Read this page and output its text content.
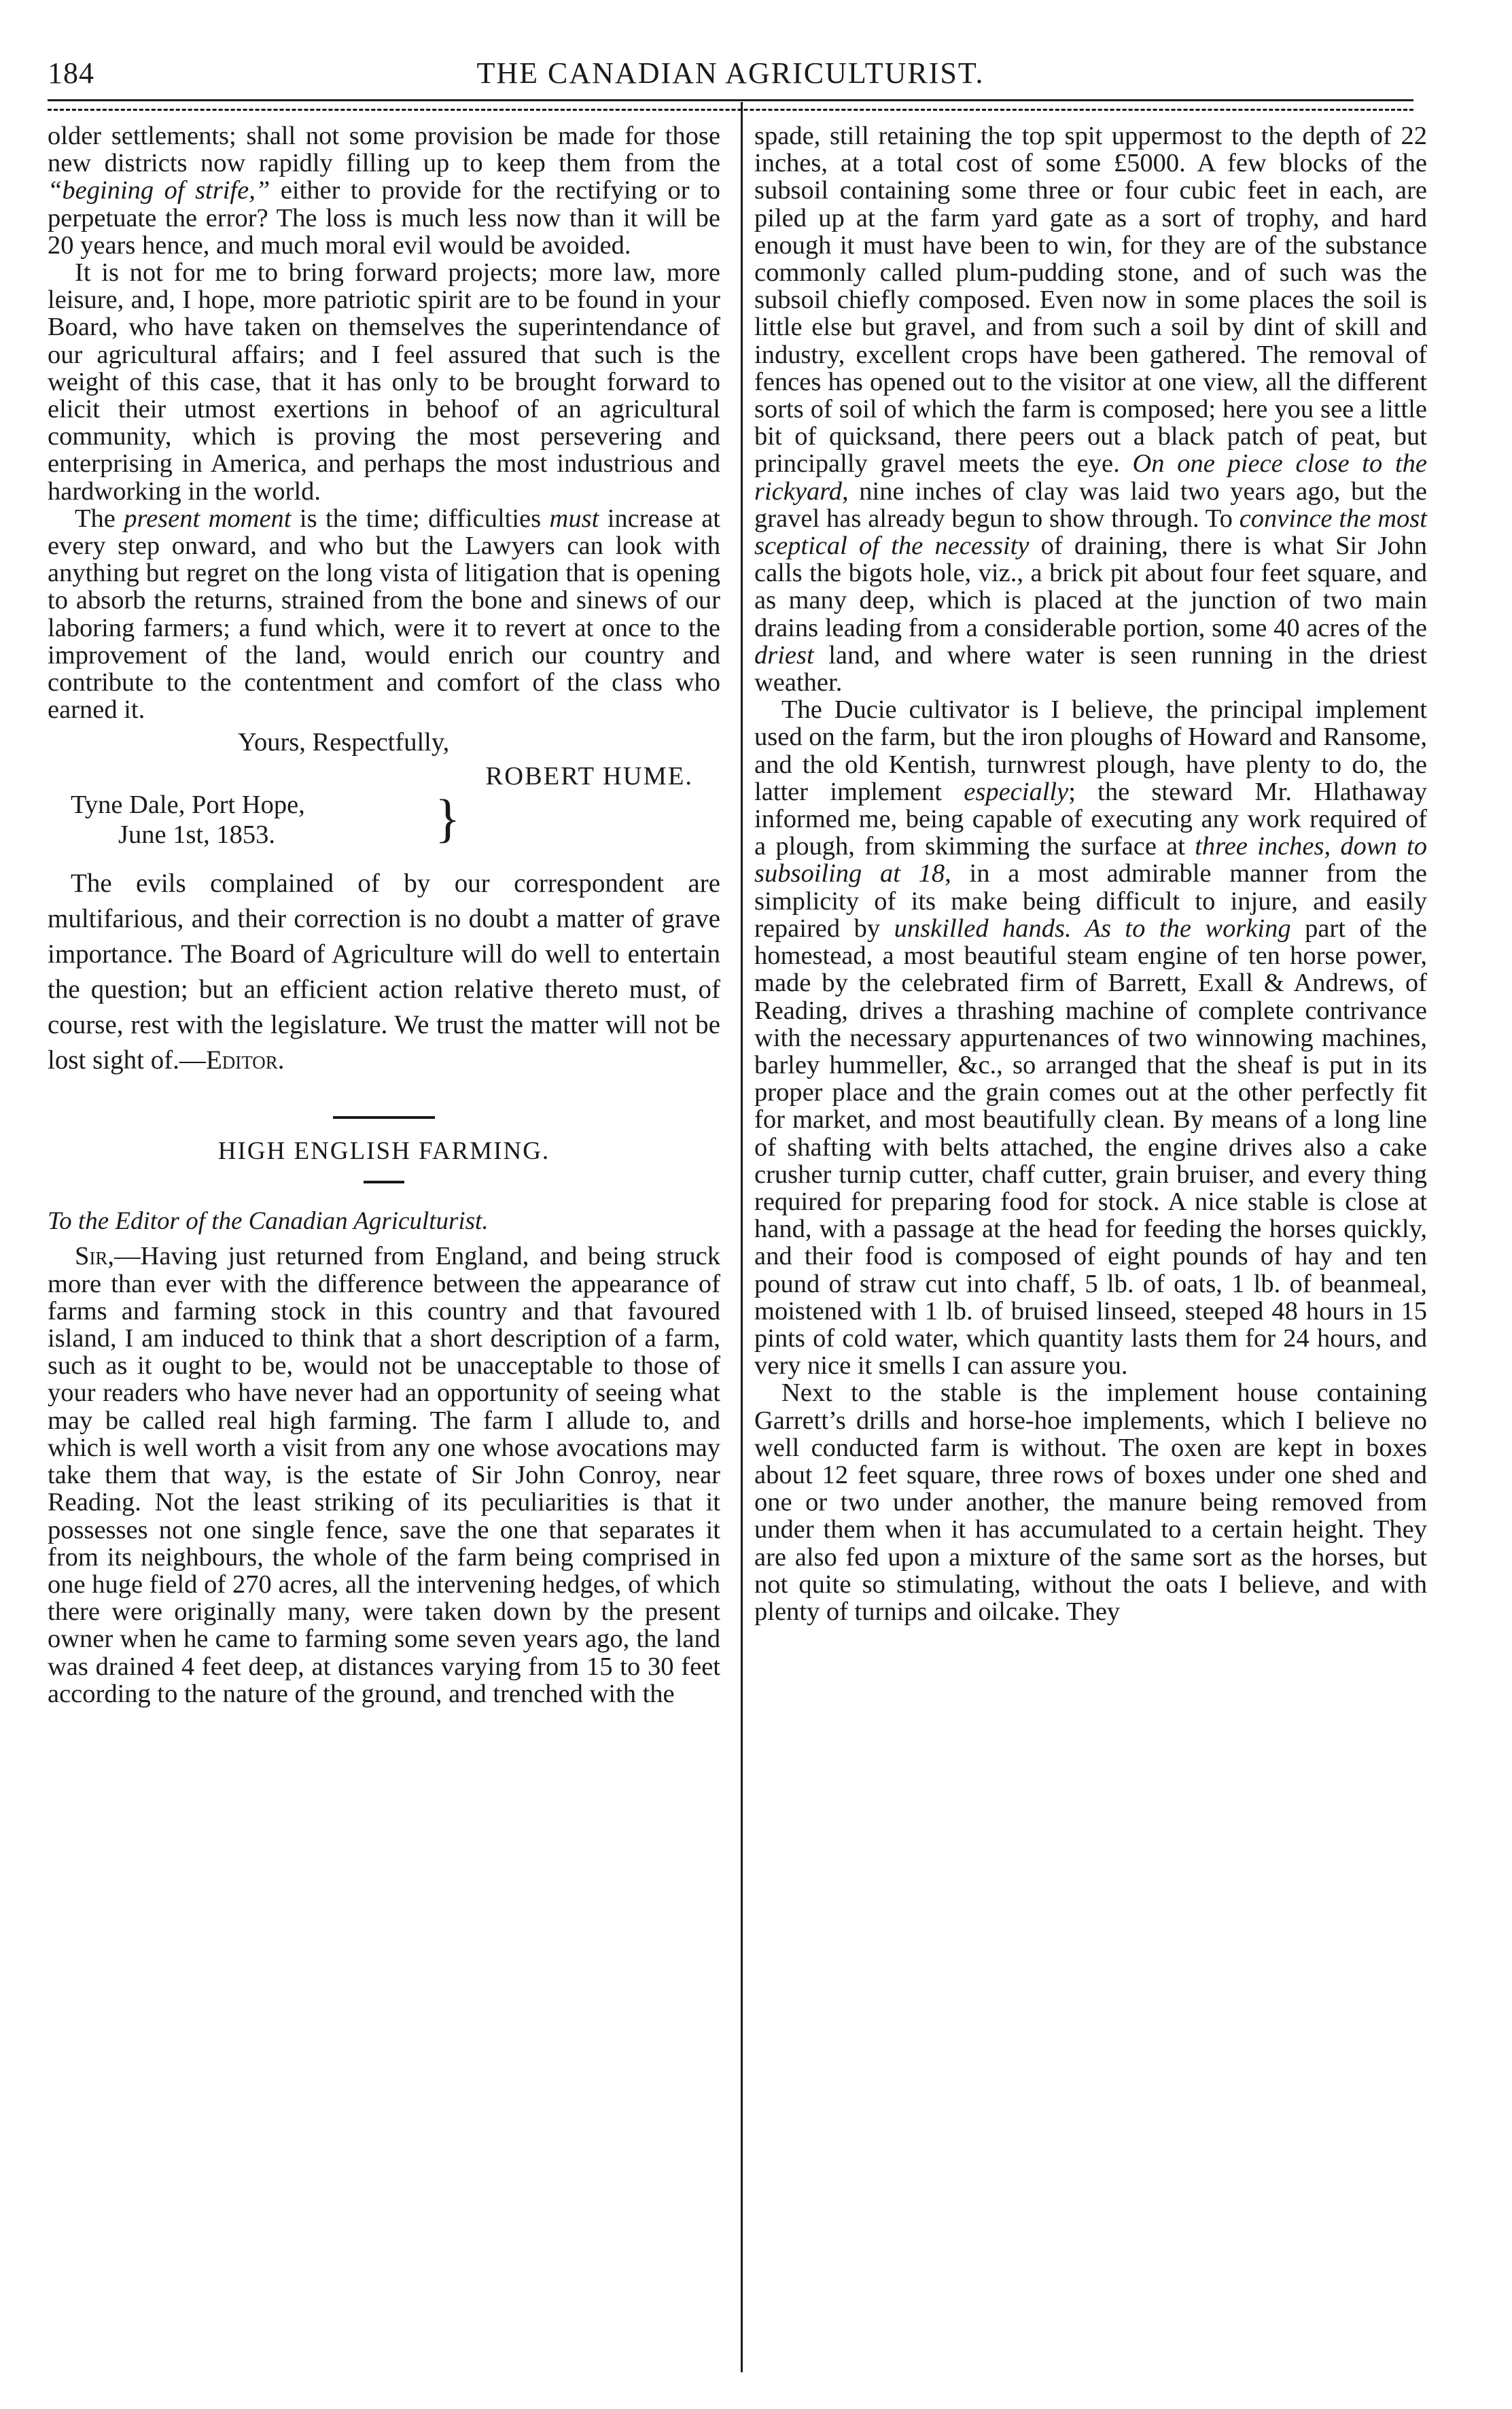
184	THE CANADIAN AGRICULTURIST.

older settlements; shall not some provision be made for those new districts now rapidly filling up to keep them from the “begining of strife,” either to provide for the rectifying or to perpetuate the error? The loss is much less now than it will be 20 years hence, and much moral evil would be avoided.

It is not for me to bring forward projects; more law, more leisure, and, I hope, more patriotic spirit are to be found in your Board, who have taken on themselves the superintendance of our agricultural affairs; and I feel assured that such is the weight of this case, that it has only to be brought forward to elicit their utmost exertions in behoof of an agricultural community, which is proving the most persevering and enterprising in America, and perhaps the most industrious and hardworking in the world.

The present moment is the time; difficulties must increase at every step onward, and who but the Lawyers can look with anything but regret on the long vista of litigation that is opening to absorb the returns, strained from the bone and sinews of our laboring farmers; a fund which, were it to revert at once to the improvement of the land, would enrich our country and contribute to the contentment and comfort of the class who earned it.

Yours, Respectfully,
ROBERT HUME.
Tyne Dale, Port Hope,
June 1st, 1853.	}

The evils complained of by our correspondent are multifarious, and their correction is no doubt a matter of grave importance. The Board of Agriculture will do well to entertain the question; but an efficient action relative thereto must, of course, rest with the legislature. We trust the matter will not be lost sight of.—Editor.

HIGH ENGLISH FARMING.
To the Editor of the Canadian Agriculturist.

Sir,—Having just returned from England, and being struck more than ever with the difference between the appearance of farms and farming stock in this country and that favoured island, I am induced to think that a short description of a farm, such as it ought to be, would not be unacceptable to those of your readers who have never had an opportunity of seeing what may be called real high farming. The farm I allude to, and which is well worth a visit from any one whose avocations may take them that way, is the estate of Sir John Conroy, near Reading. Not the least striking of its peculiarities is that it possesses not one single fence, save the one that separates it from its neighbours, the whole of the farm being comprised in one huge field of 270 acres, all the intervening hedges, of which there were originally many, were taken down by the present owner when he came to farming some seven years ago, the land was drained 4 feet deep, at distances varying from 15 to 30 feet according to the nature of the ground, and trenched with the

spade, still retaining the top spit uppermost to the depth of 22 inches, at a total cost of some £5000. A few blocks of the subsoil containing some three or four cubic feet in each, are piled up at the farm yard gate as a sort of trophy, and hard enough it must have been to win, for they are of the substance commonly called plum-pudding stone, and of such was the subsoil chiefly composed. Even now in some places the soil is little else but gravel, and from such a soil by dint of skill and industry, excellent crops have been gathered. The removal of fences has opened out to the visitor at one view, all the different sorts of soil of which the farm is composed; here you see a little bit of quicksand, there peers out a black patch of peat, but principally gravel meets the eye. On one piece close to the rickyard, nine inches of clay was laid two years ago, but the gravel has already begun to show through. To convince the most sceptical of the necessity of draining, there is what Sir John calls the bigots hole, viz., a brick pit about four feet square, and as many deep, which is placed at the junction of two main drains leading from a considerable portion, some 40 acres of the driest land, and where water is seen running in the driest weather.

The Ducie cultivator is I believe, the principal implement used on the farm, but the iron ploughs of Howard and Ransome, and the old Kentish, turnwrest plough, have plenty to do, the latter implement especially; the steward Mr. Hlathaway informed me, being capable of executing any work required of a plough, from skimming the surface at three inches, down to subsoiling at 18, in a most admirable manner from the simplicity of its make being difficult to injure, and easily repaired by unskilled hands. As to the working part of the homestead, a most beautiful steam engine of ten horse power, made by the celebrated firm of Barrett, Exall & Andrews, of Reading, drives a thrashing machine of complete contrivance with the necessary appurtenances of two winnowing machines, barley hummeller, &c., so arranged that the sheaf is put in its proper place and the grain comes out at the other perfectly fit for market, and most beautifully clean. By means of a long line of shafting with belts attached, the engine drives also a cake crusher turnip cutter, chaff cutter, grain bruiser, and every thing required for preparing food for stock. A nice stable is close at hand, with a passage at the head for feeding the horses quickly, and their food is composed of eight pounds of hay and ten pound of straw cut into chaff, 5 lb. of oats, 1 lb. of beanmeal, moistened with 1 lb. of bruised linseed, steeped 48 hours in 15 pints of cold water, which quantity lasts them for 24 hours, and very nice it smells I can assure you.

Next to the stable is the implement house containing Garrett’s drills and horse-hoe implements, which I believe no well conducted farm is without. The oxen are kept in boxes about 12 feet square, three rows of boxes under one shed and one or two under another, the manure being removed from under them when it has accumulated to a certain height. They are also fed upon a mixture of the same sort as the horses, but not quite so stimulating, without the oats I believe, and with plenty of turnips and oilcake. They
